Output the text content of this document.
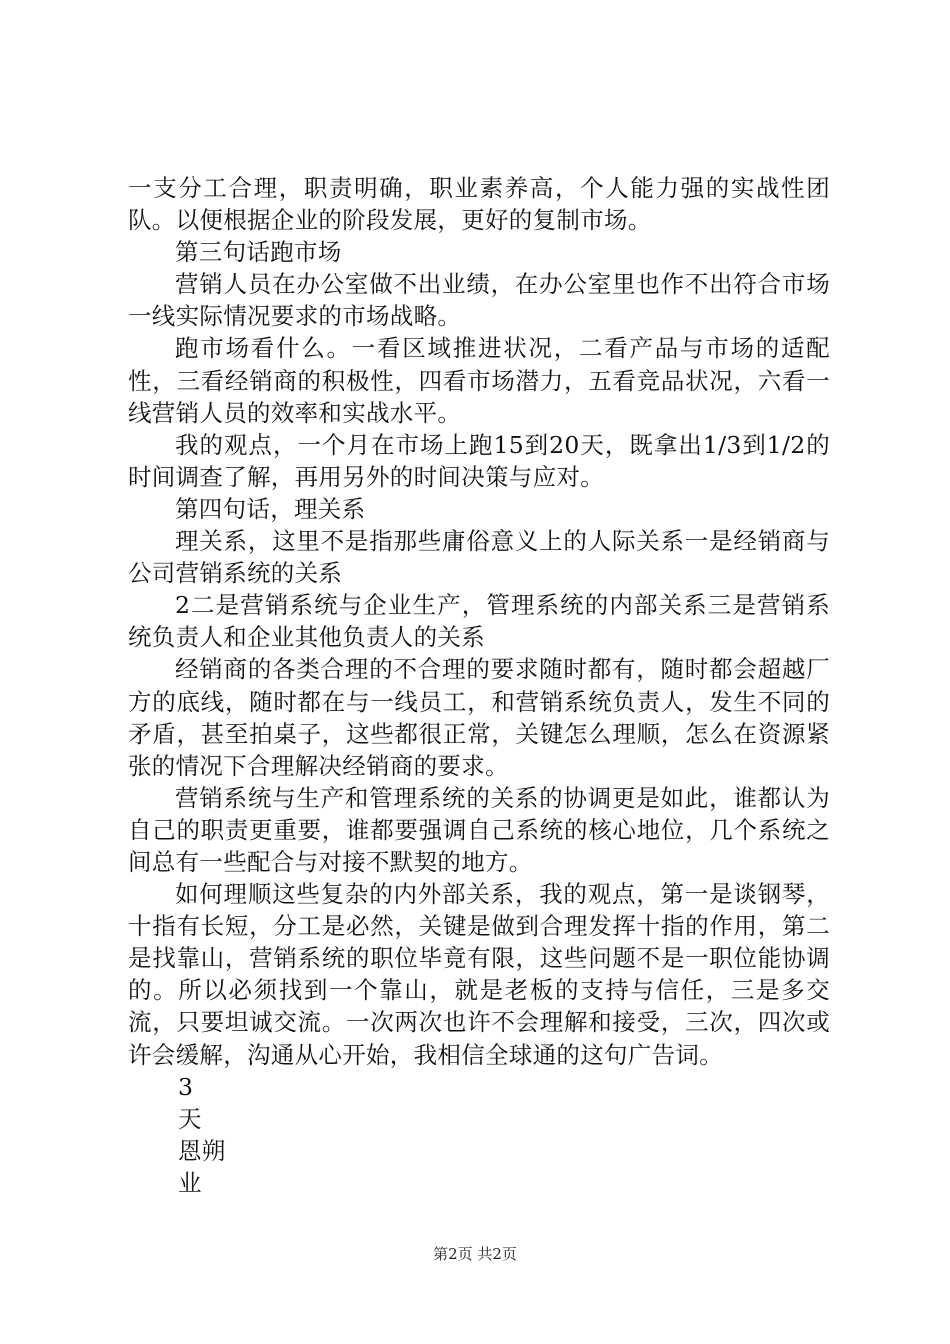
一支分工合理，职责明确，职业素养高，个人能力强的实战性团队。以便根据企业的阶段发展，更好的复制市场。

第三句话跑市场

营销人员在办公室做不出业绩，在办公室里也作不出符合市场一线实际情况要求的市场战略。

跑市场看什么。一看区域推进状况，二看产品与市场的适配性，三看经销商的积极性，四看市场潜力，五看竞品状况，六看一线营销人员的效率和实战水平。

我的观点，一个月在市场上跑15到20天，既拿出1/3到1/2的时间调查了解，再用另外的时间决策与应对。

第四句话，理关系

理关系，这里不是指那些庸俗意义上的人际关系一是经销商与公司营销系统的关系

2二是营销系统与企业生产，管理系统的内部关系三是营销系统负责人和企业其他负责人的关系

经销商的各类合理的不合理的要求随时都有，随时都会超越厂方的底线，随时都在与一线员工，和营销系统负责人，发生不同的矛盾，甚至拍桌子，这些都很正常，关键怎么理顺，怎么在资源紧张的情况下合理解决经销商的要求。

营销系统与生产和管理系统的关系的协调更是如此，谁都认为自己的职责更重要，谁都要强调自己系统的核心地位，几个系统之间总有一些配合与对接不默契的地方。

如何理顺这些复杂的内外部关系，我的观点，第一是谈钢琴，十指有长短，分工是必然，关键是做到合理发挥十指的作用，第二是找靠山，营销系统的职位毕竟有限，这些问题不是一职位能协调的。所以必须找到一个靠山，就是老板的支持与信任，三是多交流，只要坦诚交流。一次两次也许不会理解和接受，三次，四次或许会缓解，沟通从心开始，我相信全球通的这句广告词。

3

天

恩朔

业

第2页 共2页
